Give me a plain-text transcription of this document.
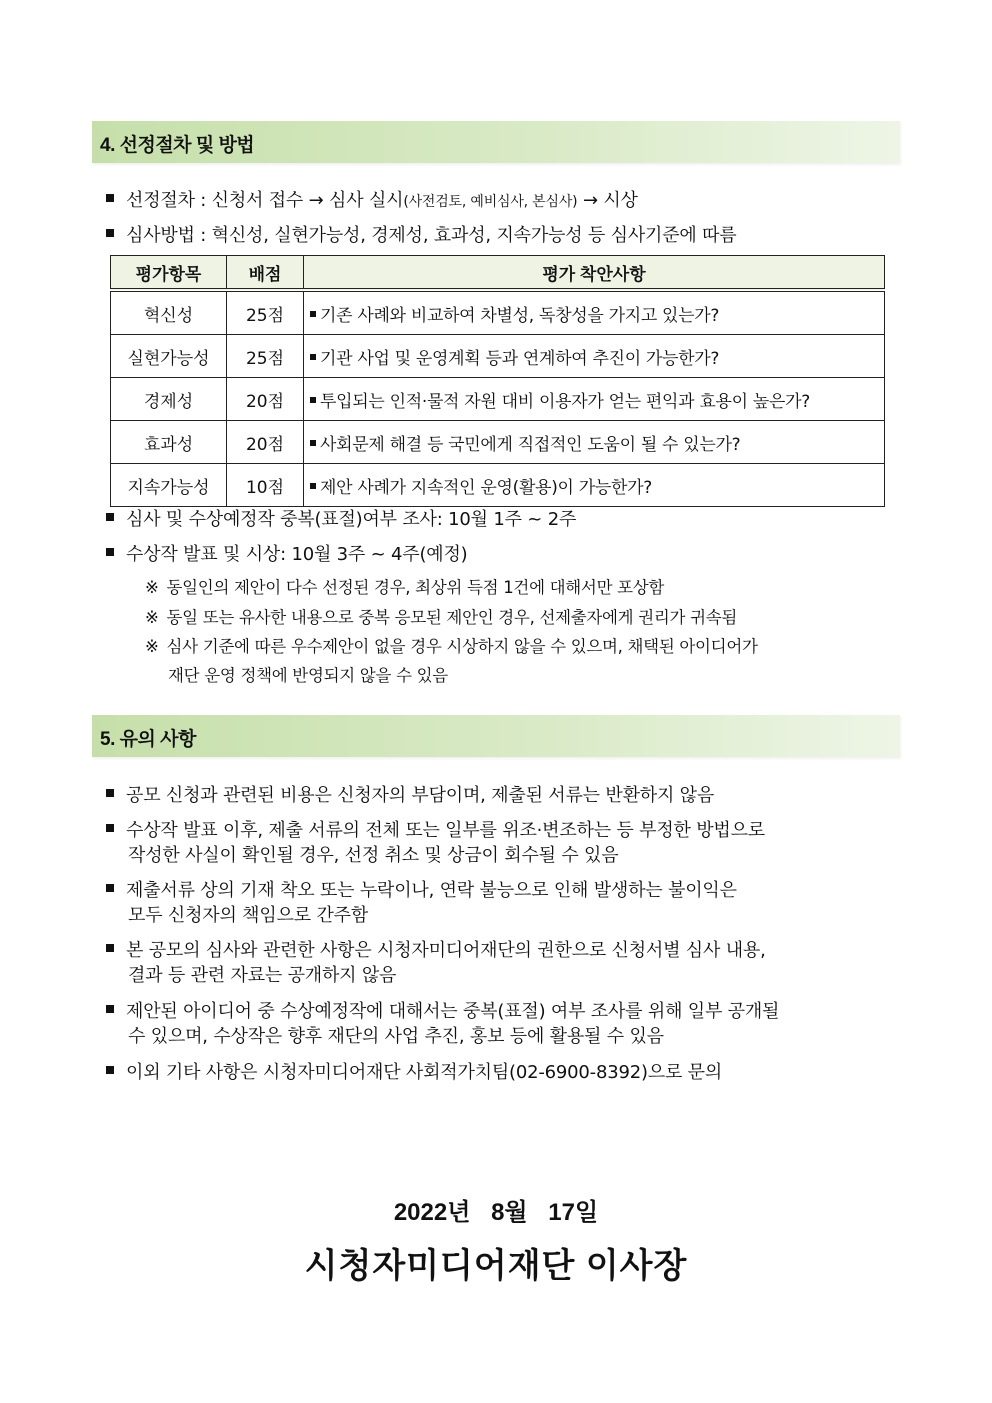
4. 선정절차 및 방법
선정절차 : 신청서 접수 → 심사 실시(사전검토, 예비심사, 본심사) → 시상
심사방법 : 혁신성, 실현가능성, 경제성, 효과성, 지속가능성 등 심사기준에 따름
평가항목	배점	평가 착안사항
혁신성	25점	기존 사례와 비교하여 차별성, 독창성을 가지고 있는가?
실현가능성	25점	기관 사업 및 운영계획 등과 연계하여 추진이 가능한가?
경제성	20점	투입되는 인적·물적 자원 대비 이용자가 얻는 편익과 효용이 높은가?
효과성	20점	사회문제 해결 등 국민에게 직접적인 도움이 될 수 있는가?
지속가능성	10점	제안 사례가 지속적인 운영(활용)이 가능한가?
심사 및 수상예정작 중복(표절)여부 조사: 10월 1주 ~ 2주
수상작 발표 및 시상: 10월 3주 ~ 4주(예정)
※ 동일인의 제안이 다수 선정된 경우, 최상위 득점 1건에 대해서만 포상함
※ 동일 또는 유사한 내용으로 중복 응모된 제안인 경우, 선제출자에게 권리가 귀속됨
※ 심사 기준에 따른 우수제안이 없을 경우 시상하지 않을 수 있으며, 채택된 아이디어가
재단 운영 정책에 반영되지 않을 수 있음
5. 유의 사항
공모 신청과 관련된 비용은 신청자의 부담이며, 제출된 서류는 반환하지 않음
수상작 발표 이후, 제출 서류의 전체 또는 일부를 위조·변조하는 등 부정한 방법으로
작성한 사실이 확인될 경우, 선정 취소 및 상금이 회수될 수 있음
제출서류 상의 기재 착오 또는 누락이나, 연락 불능으로 인해 발생하는 불이익은
모두 신청자의 책임으로 간주함
본 공모의 심사와 관련한 사항은 시청자미디어재단의 권한으로 신청서별 심사 내용,
결과 등 관련 자료는 공개하지 않음
제안된 아이디어 중 수상예정작에 대해서는 중복(표절) 여부 조사를 위해 일부 공개될
수 있으며, 수상작은 향후 재단의 사업 추진, 홍보 등에 활용될 수 있음
이외 기타 사항은 시청자미디어재단 사회적가치팀(02-6900-8392)으로 문의
2022년 8월 17일
시청자미디어재단 이사장
